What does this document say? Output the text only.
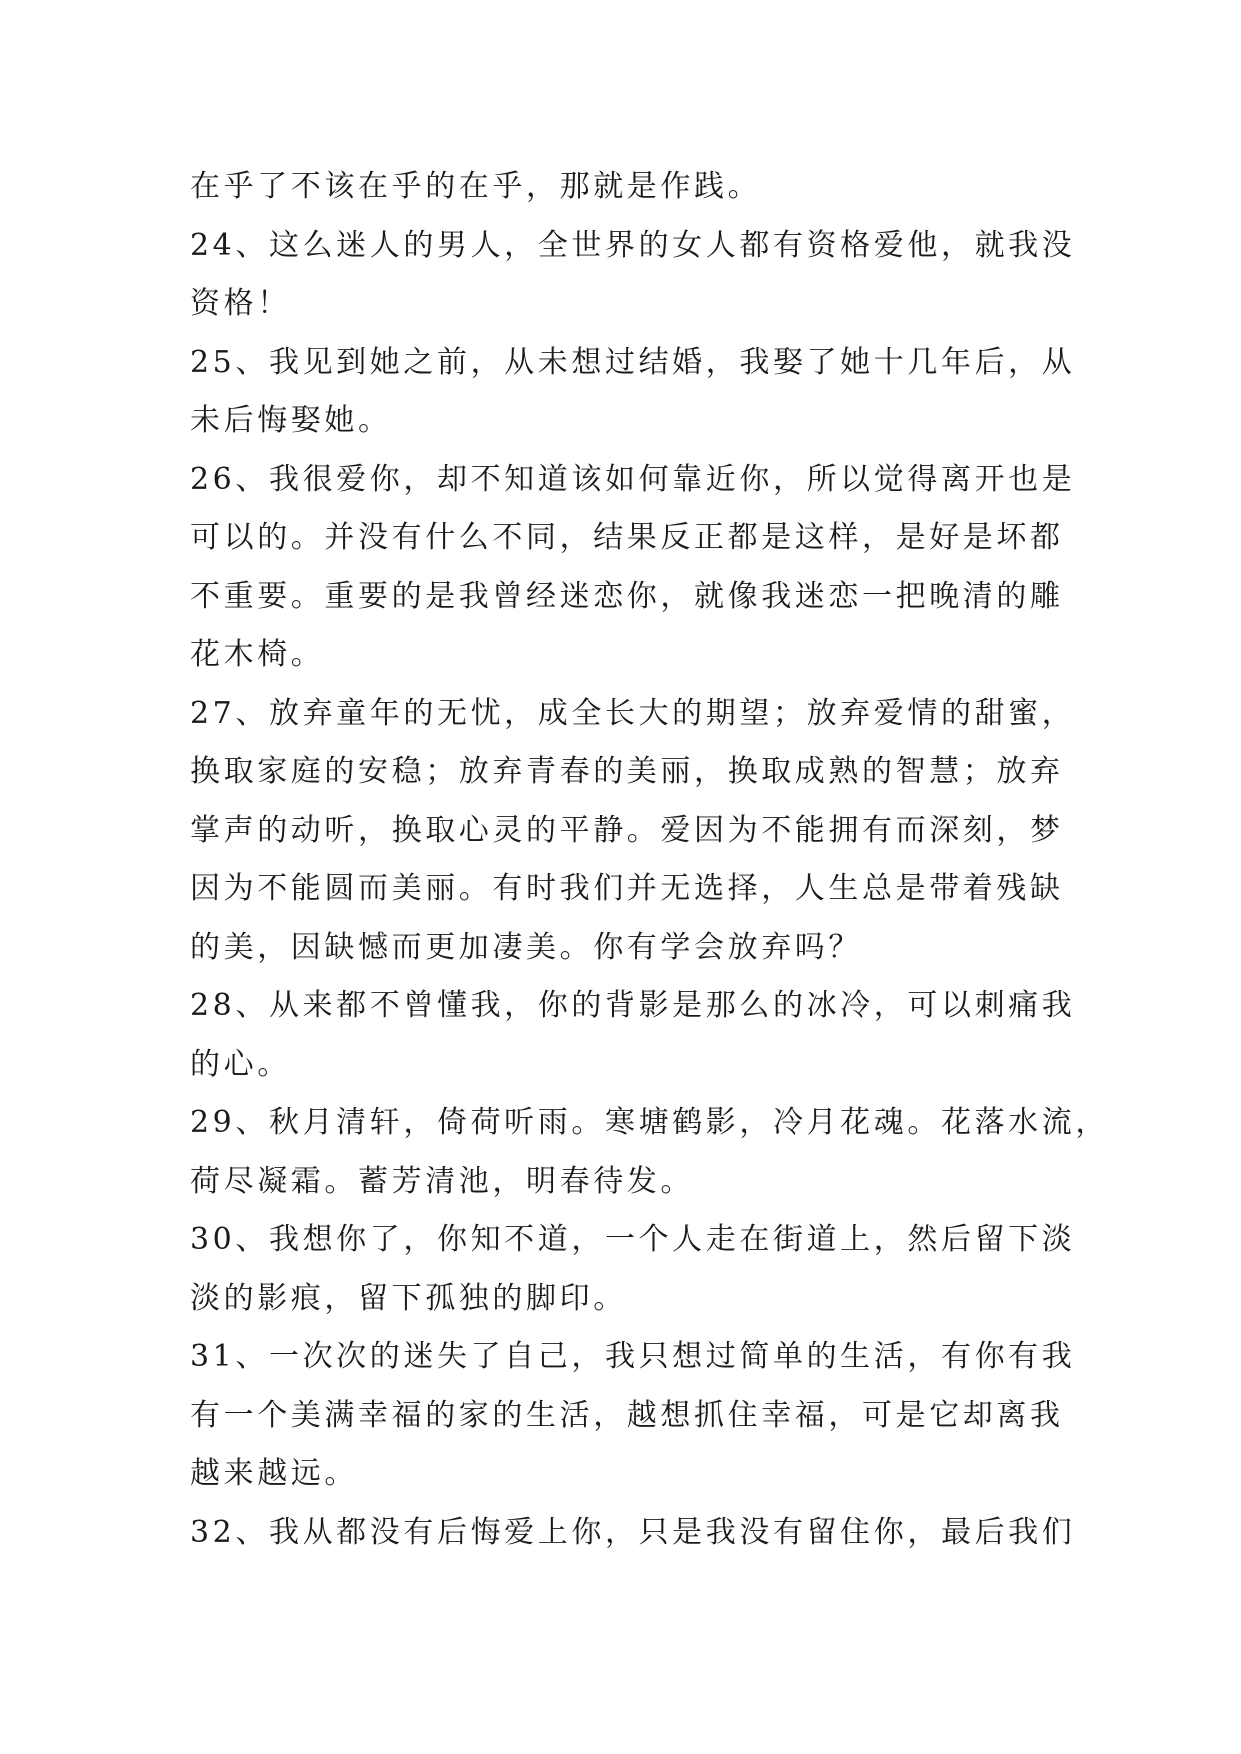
在乎了不该在乎的在乎，那就是作践。
24、这么迷人的男人，全世界的女人都有资格爱他，就我没
资格！
25、我见到她之前，从未想过结婚，我娶了她十几年后，从
未后悔娶她。
26、我很爱你，却不知道该如何靠近你，所以觉得离开也是
可以的。并没有什么不同，结果反正都是这样，是好是坏都
不重要。重要的是我曾经迷恋你，就像我迷恋一把晚清的雕
花木椅。
27、放弃童年的无忧，成全长大的期望；放弃爱情的甜蜜，
换取家庭的安稳；放弃青春的美丽，换取成熟的智慧；放弃
掌声的动听，换取心灵的平静。爱因为不能拥有而深刻，梦
因为不能圆而美丽。有时我们并无选择，人生总是带着残缺
的美，因缺憾而更加凄美。你有学会放弃吗？
28、从来都不曾懂我，你的背影是那么的冰冷，可以刺痛我
的心。
29、秋月清轩，倚荷听雨。寒塘鹤影，冷月花魂。花落水流，
荷尽凝霜。蓄芳清池，明春待发。
30、我想你了，你知不道，一个人走在街道上，然后留下淡
淡的影痕，留下孤独的脚印。
31、一次次的迷失了自己，我只想过简单的生活，有你有我
有一个美满幸福的家的生活，越想抓住幸福，可是它却离我
越来越远。
32、我从都没有后悔爱上你，只是我没有留住你，最后我们
